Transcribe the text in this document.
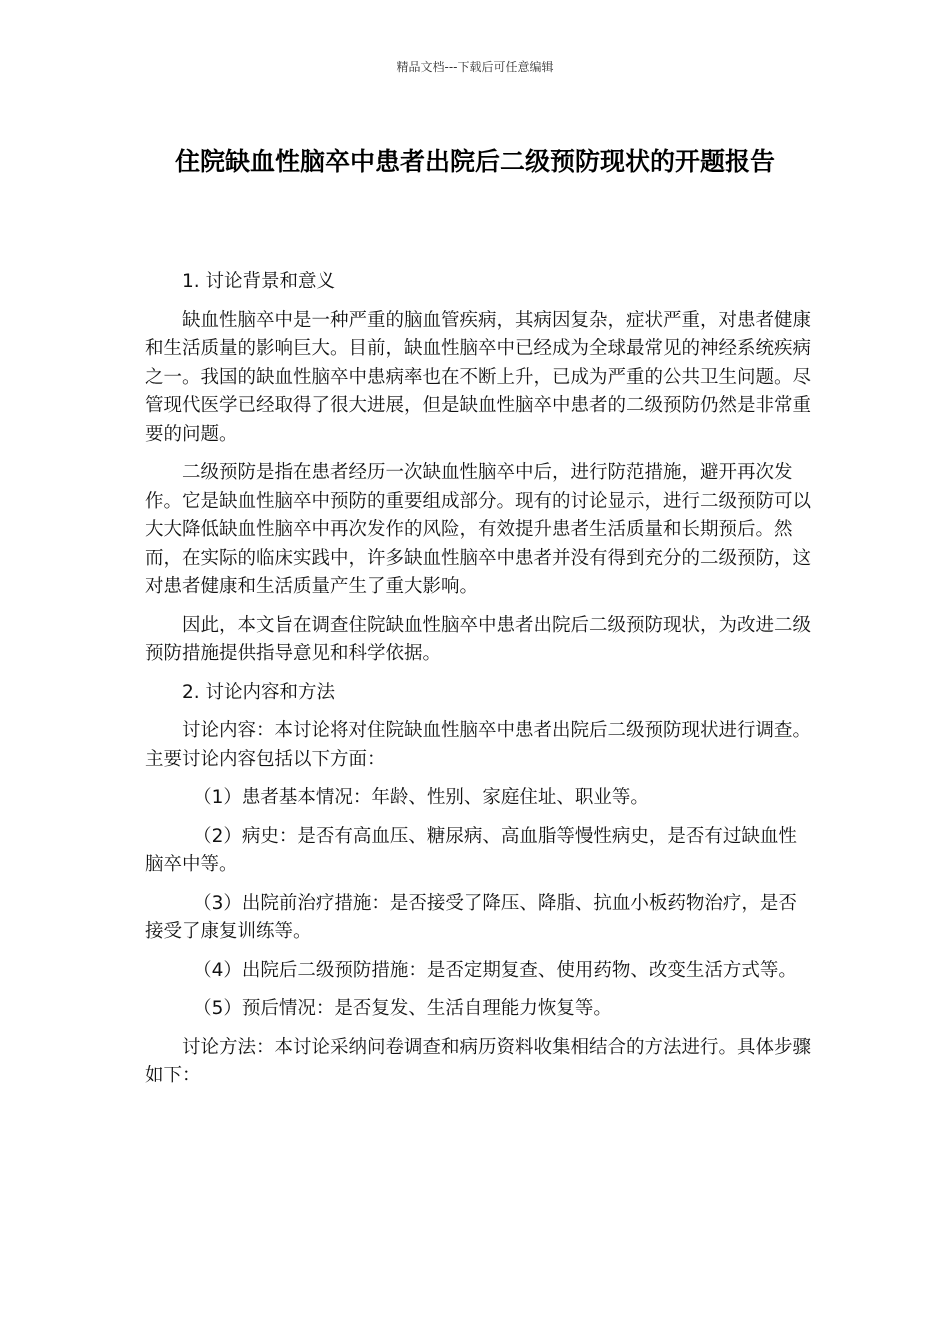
精品文档---下载后可任意编辑
住院缺血性脑卒中患者出院后二级预防现状的开题报告

1. 讨论背景和意义

缺血性脑卒中是一种严重的脑血管疾病，其病因复杂，症状严重，对患者健康和生活质量的影响巨大。目前，缺血性脑卒中已经成为全球最常见的神经系统疾病之一。我国的缺血性脑卒中患病率也在不断上升，已成为严重的公共卫生问题。尽管现代医学已经取得了很大进展，但是缺血性脑卒中患者的二级预防仍然是非常重要的问题。

二级预防是指在患者经历一次缺血性脑卒中后，进行防范措施，避开再次发作。它是缺血性脑卒中预防的重要组成部分。现有的讨论显示，进行二级预防可以大大降低缺血性脑卒中再次发作的风险，有效提升患者生活质量和长期预后。然而，在实际的临床实践中，许多缺血性脑卒中患者并没有得到充分的二级预防，这对患者健康和生活质量产生了重大影响。

因此，本文旨在调查住院缺血性脑卒中患者出院后二级预防现状，为改进二级预防措施提供指导意见和科学依据。

2. 讨论内容和方法

讨论内容：本讨论将对住院缺血性脑卒中患者出院后二级预防现状进行调查。主要讨论内容包括以下方面：

（1）患者基本情况：年龄、性别、家庭住址、职业等。

（2）病史：是否有高血压、糖尿病、高血脂等慢性病史，是否有过缺血性脑卒中等。

（3）出院前治疗措施：是否接受了降压、降脂、抗血小板药物治疗，是否接受了康复训练等。

（4）出院后二级预防措施：是否定期复查、使用药物、改变生活方式等。

（5）预后情况：是否复发、生活自理能力恢复等。

讨论方法：本讨论采纳问卷调查和病历资料收集相结合的方法进行。具体步骤如下：
